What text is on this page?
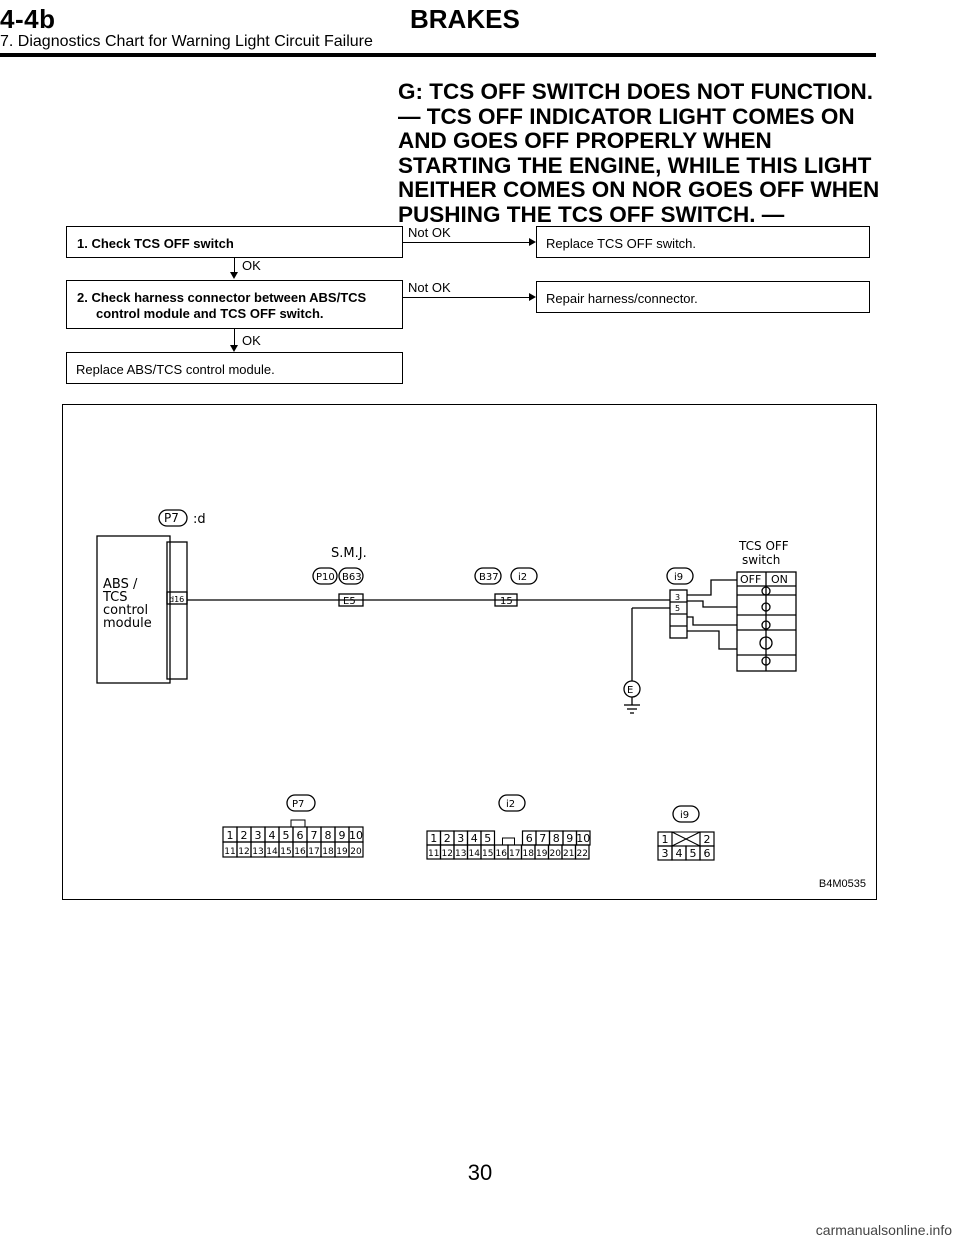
4-4b	BRAKES
7. Diagnostics Chart for Warning Light Circuit Failure
G: TCS OFF SWITCH DOES NOT FUNCTION.
— TCS OFF INDICATOR LIGHT COMES ON
AND GOES OFF PROPERLY WHEN
STARTING THE ENGINE, WHILE THIS LIGHT
NEITHER COMES ON NOR GOES OFF WHEN
PUSHING THE TCS OFF SWITCH. —
1. Check TCS OFF switch
Not OK
Replace TCS OFF switch.
OK
2. Check harness connector between ABS/TCS
control module and TCS OFF switch.
Not OK
Repair harness/connector.
OK
Replace ABS/TCS control module.
P7 :d
ABS /
TCS
control
module
d16
S.M.J.
P10 B63
E5
B37 i2
15
i9
3
5
E
TCS OFF
switch
OFF ON
P7	i2
i9
1 2 3 4 5 6 7 8 9 10
11 12 13 14 15 16 17 18 19 20
1 2 3 4 5	6 7 8 9 10
11 12 13 14 15 16 17 18 19 20 21 22
1	2
3 4 5 6
B4M0535
30
carmanualsonline.info
